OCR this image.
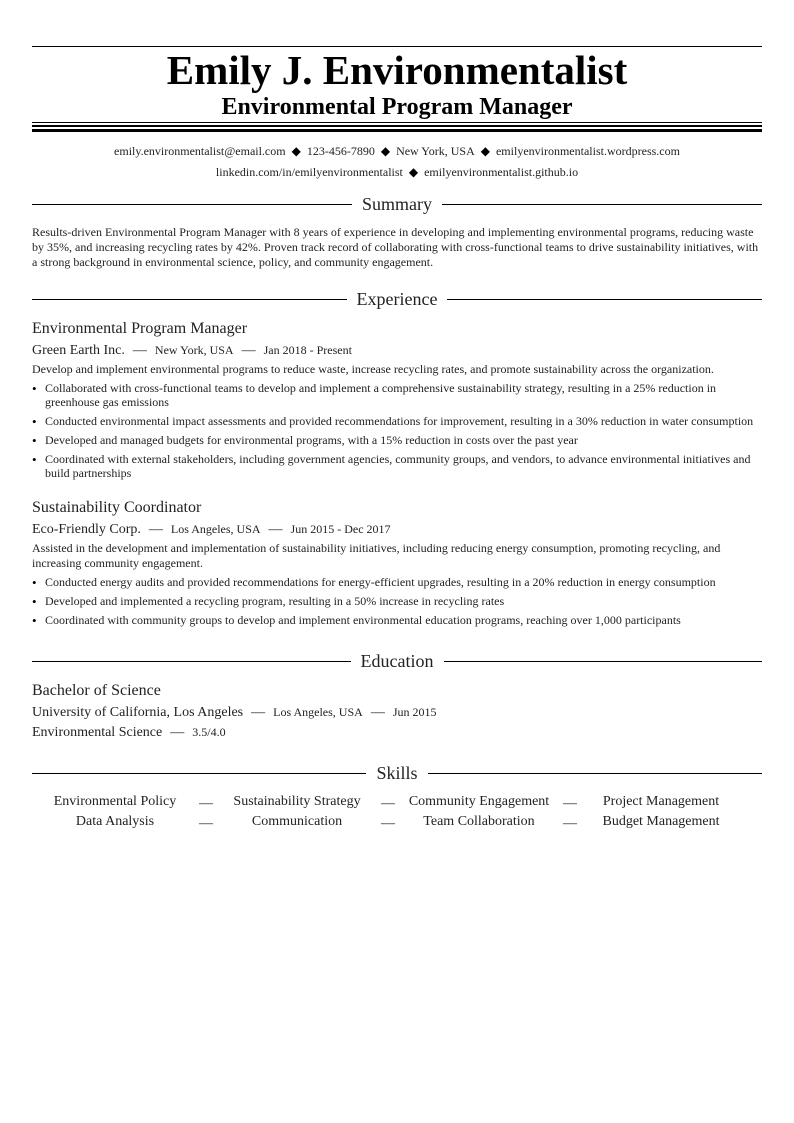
Emily J. Environmentalist
Environmental Program Manager
emily.environmentalist@email.com ◆ 123-456-7890 ◆ New York, USA ◆ emilyenvironmentalist.wordpress.com
linkedin.com/in/emilyenvironmentalist ◆ emilyenvironmentalist.github.io
Summary
Results-driven Environmental Program Manager with 8 years of experience in developing and implementing environmental programs, reducing waste by 35%, and increasing recycling rates by 42%. Proven track record of collaborating with cross-functional teams to drive sustainability initiatives, with a strong background in environmental science, policy, and community engagement.
Experience
Environmental Program Manager
Green Earth Inc. — New York, USA — Jan 2018 - Present
Develop and implement environmental programs to reduce waste, increase recycling rates, and promote sustainability across the organization.
• Collaborated with cross-functional teams to develop and implement a comprehensive sustainability strategy, resulting in a 25% reduction in greenhouse gas emissions
• Conducted environmental impact assessments and provided recommendations for improvement, resulting in a 30% reduction in water consumption
• Developed and managed budgets for environmental programs, with a 15% reduction in costs over the past year
• Coordinated with external stakeholders, including government agencies, community groups, and vendors, to advance environmental initiatives and build partnerships
Sustainability Coordinator
Eco-Friendly Corp. — Los Angeles, USA — Jun 2015 - Dec 2017
Assisted in the development and implementation of sustainability initiatives, including reducing energy consumption, promoting recycling, and increasing community engagement.
• Conducted energy audits and provided recommendations for energy-efficient upgrades, resulting in a 20% reduction in energy consumption
• Developed and implemented a recycling program, resulting in a 50% increase in recycling rates
• Coordinated with community groups to develop and implement environmental education programs, reaching over 1,000 participants
Education
Bachelor of Science
University of California, Los Angeles — Los Angeles, USA — Jun 2015
Environmental Science — 3.5/4.0
Skills
Environmental Policy	—	Sustainability Strategy	— Community Engagement —	Project Management
Data Analysis	—	Communication	—	Team Collaboration	—	Budget Management
